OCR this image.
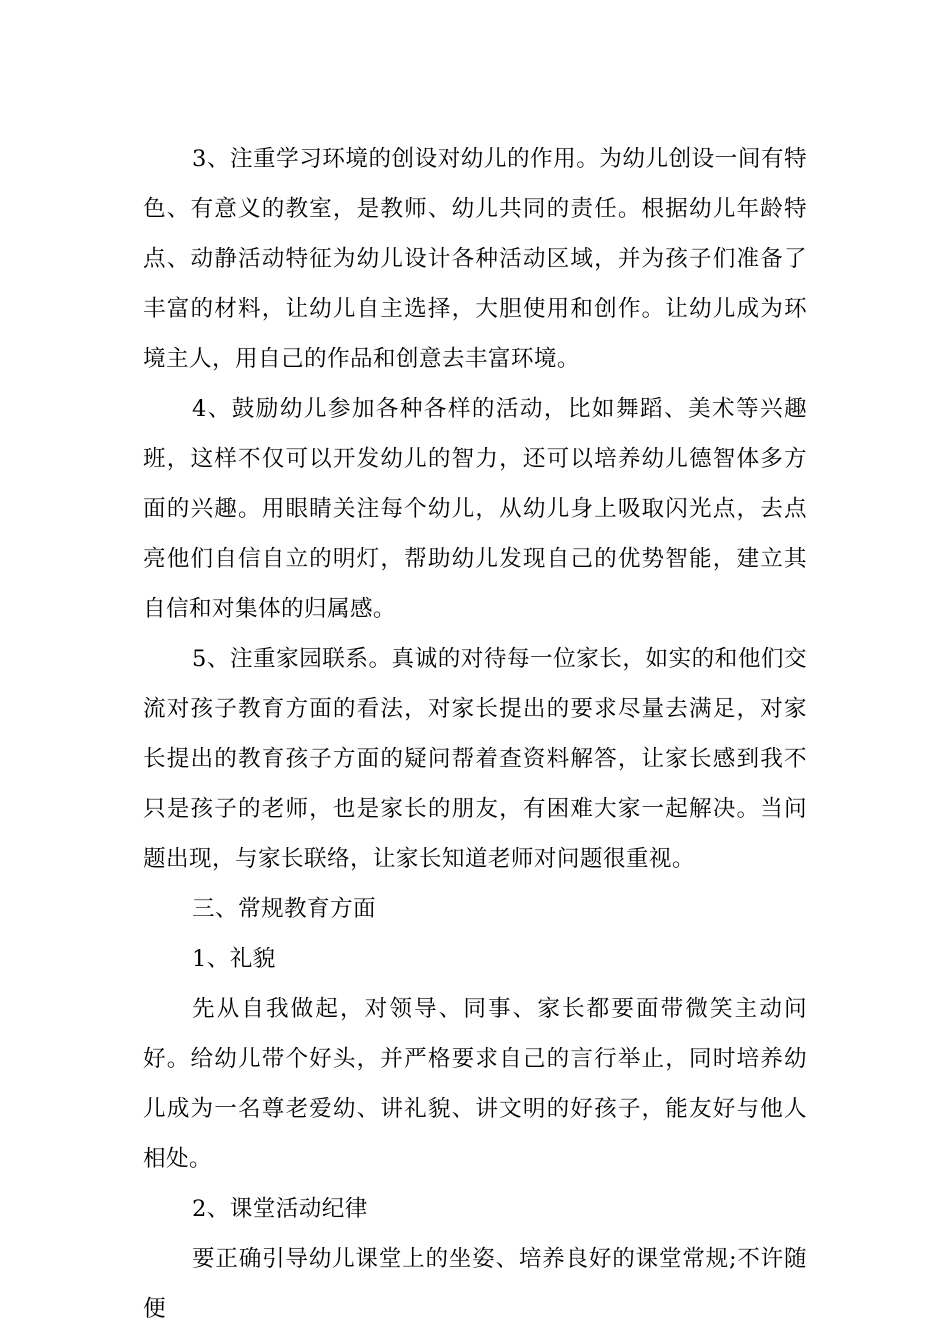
3、注重学习环境的创设对幼儿的作用。为幼儿创设一间有特色、有意义的教室，是教师、幼儿共同的责任。根据幼儿年龄特点、动静活动特征为幼儿设计各种活动区域，并为孩子们准备了丰富的材料，让幼儿自主选择，大胆使用和创作。让幼儿成为环境主人，用自己的作品和创意去丰富环境。

4、鼓励幼儿参加各种各样的活动，比如舞蹈、美术等兴趣班，这样不仅可以开发幼儿的智力，还可以培养幼儿德智体多方面的兴趣。用眼睛关注每个幼儿，从幼儿身上吸取闪光点，去点亮他们自信自立的明灯，帮助幼儿发现自己的优势智能，建立其自信和对集体的归属感。

5、注重家园联系。真诚的对待每一位家长，如实的和他们交流对孩子教育方面的看法，对家长提出的要求尽量去满足，对家长提出的教育孩子方面的疑问帮着查资料解答，让家长感到我不只是孩子的老师，也是家长的朋友，有困难大家一起解决。当问题出现，与家长联络，让家长知道老师对问题很重视。

三、常规教育方面

1、礼貌

先从自我做起，对领导、同事、家长都要面带微笑主动问好。给幼儿带个好头，并严格要求自己的言行举止，同时培养幼儿成为一名尊老爱幼、讲礼貌、讲文明的好孩子，能友好与他人相处。

2、课堂活动纪律

要正确引导幼儿课堂上的坐姿、培养良好的课堂常规;不许随便
